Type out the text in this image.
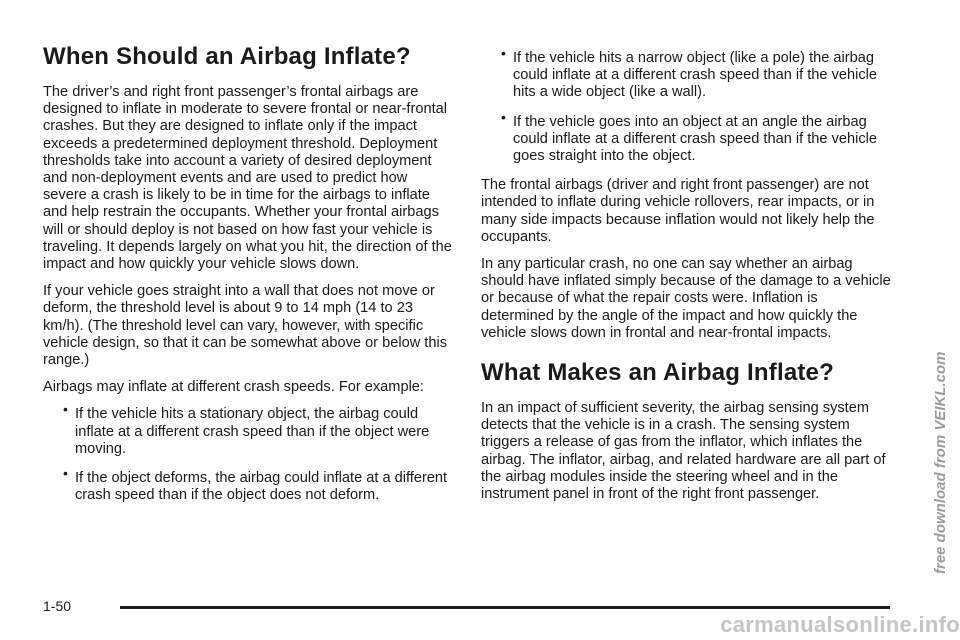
When Should an Airbag Inflate?

The driver’s and right front passenger’s frontal airbags are designed to inflate in moderate to severe frontal or near-frontal crashes. But they are designed to inflate only if the impact exceeds a predetermined deployment threshold. Deployment thresholds take into account a variety of desired deployment and non-deployment events and are used to predict how severe a crash is likely to be in time for the airbags to inflate and help restrain the occupants. Whether your frontal airbags will or should deploy is not based on how fast your vehicle is traveling. It depends largely on what you hit, the direction of the impact and how quickly your vehicle slows down.

If your vehicle goes straight into a wall that does not move or deform, the threshold level is about 9 to 14 mph (14 to 23 km/h). (The threshold level can vary, however, with specific vehicle design, so that it can be somewhat above or below this range.)

Airbags may inflate at different crash speeds. For example:

• If the vehicle hits a stationary object, the airbag could inflate at a different crash speed than if the object were moving.
• If the object deforms, the airbag could inflate at a different crash speed than if the object does not deform.
• If the vehicle hits a narrow object (like a pole) the airbag could inflate at a different crash speed than if the vehicle hits a wide object (like a wall).
• If the vehicle goes into an object at an angle the airbag could inflate at a different crash speed than if the vehicle goes straight into the object.

The frontal airbags (driver and right front passenger) are not intended to inflate during vehicle rollovers, rear impacts, or in many side impacts because inflation would not likely help the occupants.

In any particular crash, no one can say whether an airbag should have inflated simply because of the damage to a vehicle or because of what the repair costs were. Inflation is determined by the angle of the impact and how quickly the vehicle slows down in frontal and near-frontal impacts.

What Makes an Airbag Inflate?

In an impact of sufficient severity, the airbag sensing system detects that the vehicle is in a crash. The sensing system triggers a release of gas from the inflator, which inflates the airbag. The inflator, airbag, and related hardware are all part of the airbag modules inside the steering wheel and in the instrument panel in front of the right front passenger.	free download from VEIKL.com
1-50
carmanualsonline.info
